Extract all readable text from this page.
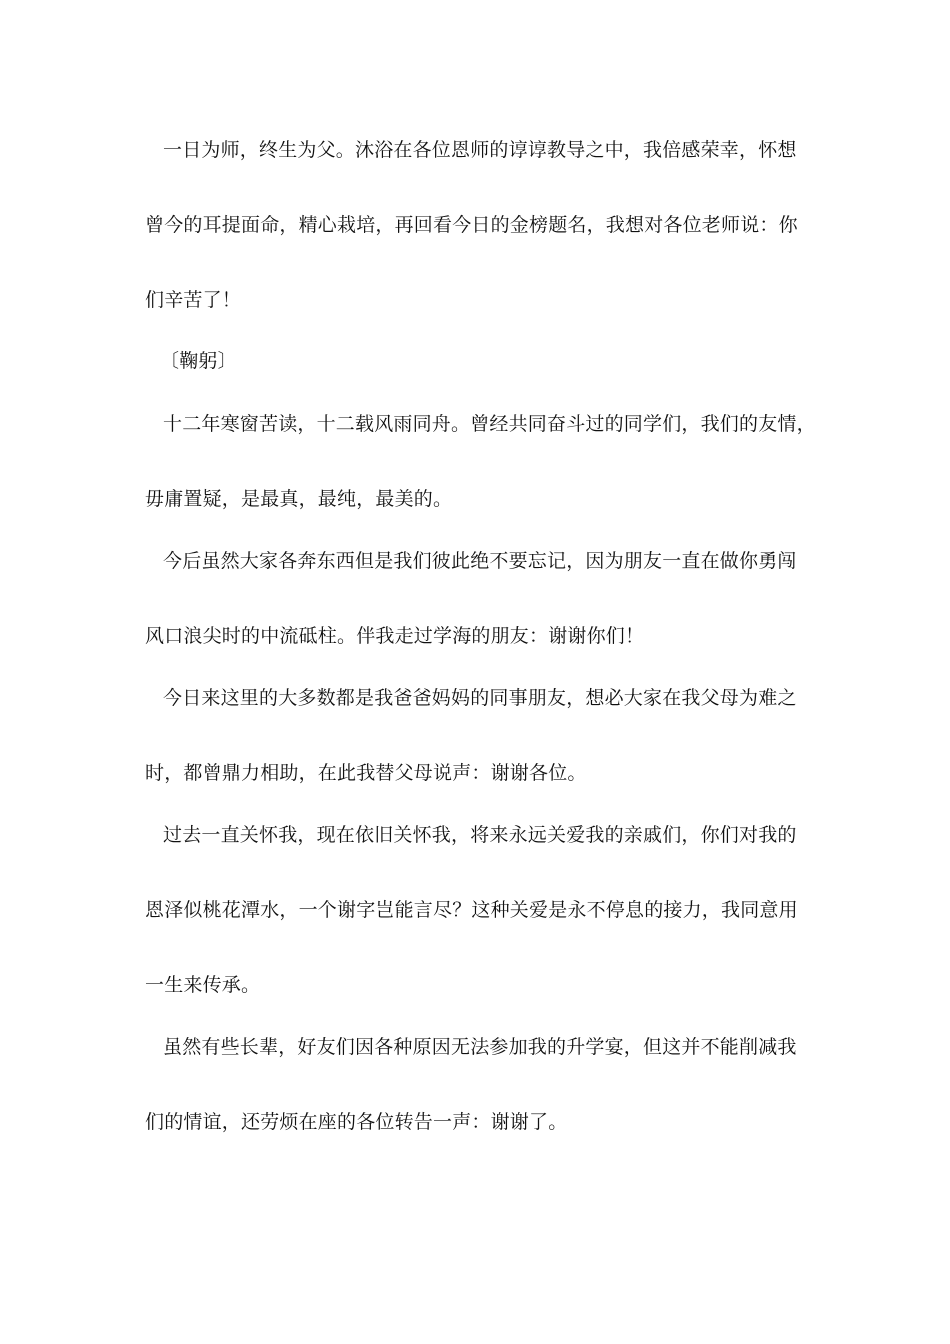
一日为师，终生为父。沐浴在各位恩师的谆谆教导之中，我倍感荣幸，怀想
曾今的耳提面命，精心栽培，再回看今日的金榜题名，我想对各位老师说：你
们辛苦了！
〔鞠躬〕
十二年寒窗苦读，十二载风雨同舟。曾经共同奋斗过的同学们，我们的友情，
毋庸置疑，是最真，最纯，最美的。
今后虽然大家各奔东西但是我们彼此绝不要忘记，因为朋友一直在做你勇闯
风口浪尖时的中流砥柱。伴我走过学海的朋友：谢谢你们！
今日来这里的大多数都是我爸爸妈妈的同事朋友，想必大家在我父母为难之
时，都曾鼎力相助，在此我替父母说声：谢谢各位。
过去一直关怀我，现在依旧关怀我，将来永远关爱我的亲戚们，你们对我的
恩泽似桃花潭水，一个谢字岂能言尽？这种关爱是永不停息的接力，我同意用
一生来传承。
虽然有些长辈，好友们因各种原因无法参加我的升学宴，但这并不能削减我
们的情谊，还劳烦在座的各位转告一声：谢谢了。
